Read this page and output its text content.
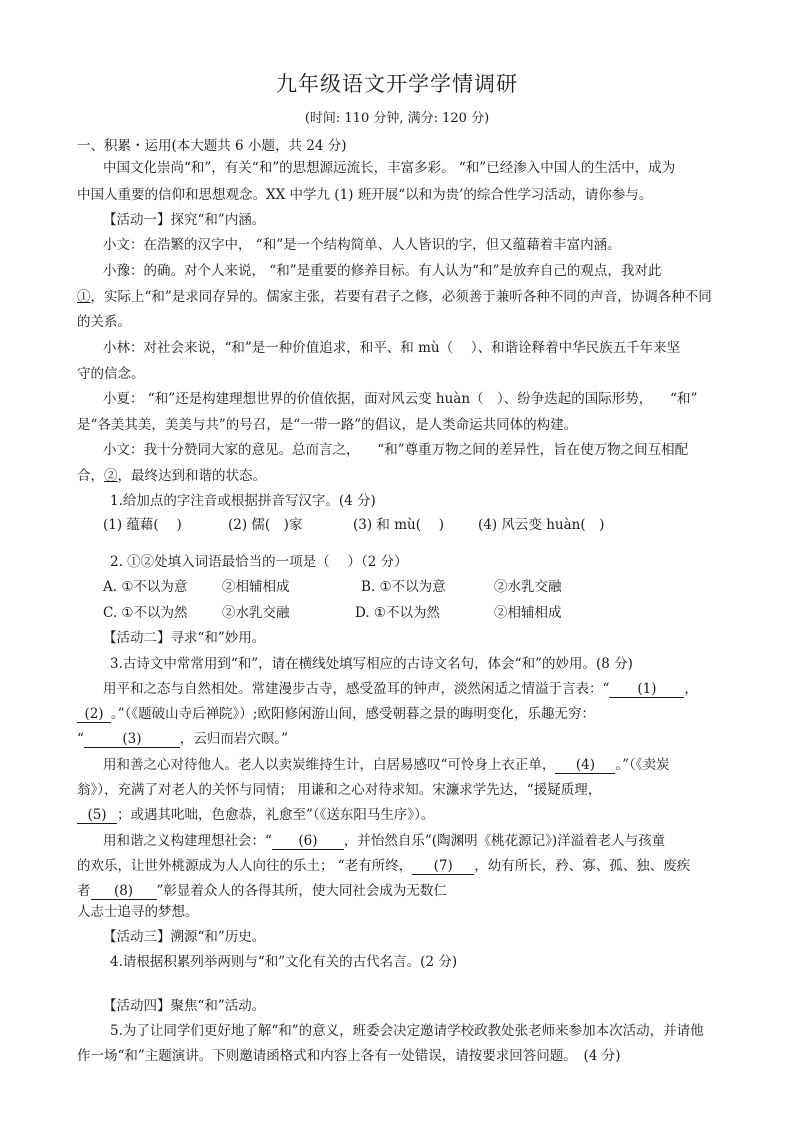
九年级语文开学学情调研
(时间: 110 分钟, 满分: 120 分)
一、积累・运用(本大题共 6 小题，共 24 分)
中国文化崇尚“和”，有关“和”的思想源远流长，丰富多彩。 “和”已经渗入中国人的生活中，成为
中国人重要的信仰和思想观念。XX 中学九 (1) 班开展“以和为贵’的综合性学习活动，请你参与。
【活动一】探究“和”内涵。
小文：在浩繁的汉字中， “和”是一个结构简单、人人皆识的字，但又蕴藉着丰富内涵。
小豫：的确。对个人来说， “和”是重要的修养目标。有人认为“和”是放弃自己的观点，我对此
①，实际上“和”是求同存异的。儒家主张，若要有君子之修，必须善于兼听各种不同的声音，协调各种不同
的关系。
小林：对社会来说，“和”是一种价值追求，和平、和 mù（　 ）、和谐诠释着中华民族五千年来坚
守的信念。
小夏： “和”还是构建理想世界的价值依据，面对风云变 huàn（　）、纷争迭起的国际形势， 　“和”
是“各美其美，美美与共”的号召，是“一带一路”的倡议，是人类命运共同体的构建。
小文：我十分赞同大家的意见。总而言之， 　“和”尊重万物之间的差异性，旨在使万物之间互相配
合，②，最终达到和谐的状态。
1.给加点的字注音或根据拼音写汉字。(4 分)
(1) 蕴藉(　 )	(2) 儒(　)家	(3) 和 mù(　 )	(4) 风云变 huàn(　)
2. ①②处填入词语最恰当的一项是（　 ）（2 分）
A. ①不以为意	②相辅相成	B. ①不以为意	②水乳交融
C. ①不以为然	②水乳交融	D. ①不以为然	②相辅相成
【活动二】寻求“和”妙用。
3.古诗文中常常用到“和”，请在横线处填写相应的古诗文名句，体会“和”的妙用。(8 分)
用平和之态与自然相处。常建漫步古寺，感受盈耳的钟声，淡然闲适之情溢于言表：“ (1) ，
(2) 。”（《题破山寺后禅院》）;欧阳修闲游山间，感受朝暮之景的晦明变化，乐趣无穷：
“	(3)	，云归而岩穴暝。”
用和善之心对待他人。老人以卖炭维持生计，白居易感叹“可怜身上衣正单， (4) 。”（《卖炭
翁》），充满了对老人的关怀与同情； 用谦和之心对待求知。宋濂求学先达，“援疑质理，
(5) ；或遇其叱咄，色愈恭，礼愈至”（《送东阳马生序》）。
用和谐之义构建理想社会：“ (6) ，并怡然自乐”(陶渊明《桃花源记》)洋溢着老人与孩童
的欢乐，让世外桃源成为人人向往的乐土； “老有所终， (7) ，幼有所长，矜、寡、孤、独、废疾
者 (8) ”彰显着众人的各得其所，使大同社会成为无数仁
人志士追寻的梦想。
【活动三】溯源“和”历史。
4.请根据积累列举两则与“和”文化有关的古代名言。(2 分)
【活动四】聚焦“和”活动。
5.为了让同学们更好地了解“和”的意义，班委会决定邀请学校政教处张老师来参加本次活动，并请他
作一场“和”主题演讲。下则邀请函格式和内容上各有一处错误，请按要求回答问题。　(4 分)
